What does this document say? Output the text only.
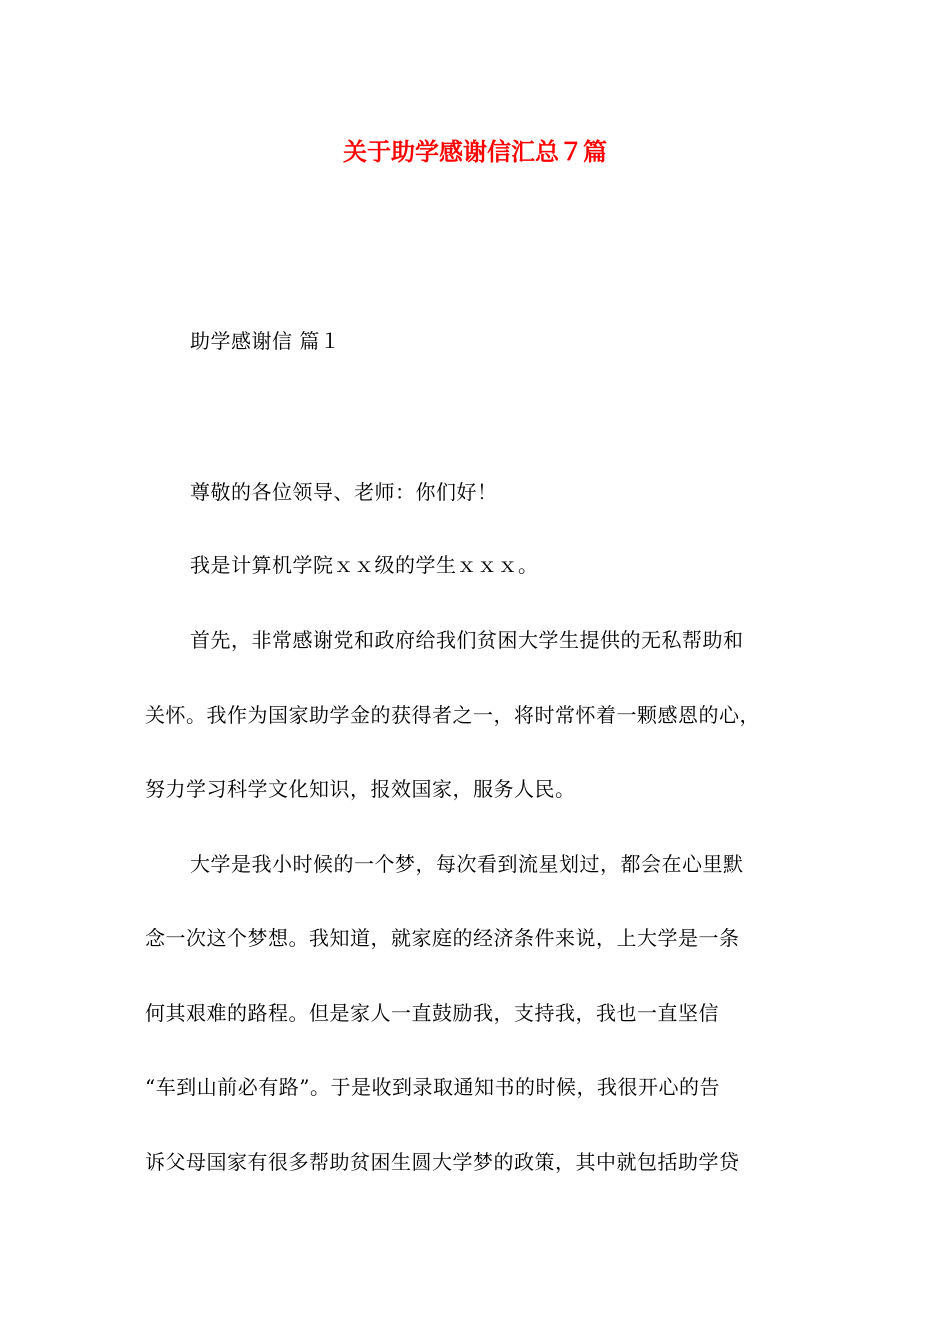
关于助学感谢信汇总７篇
助学感谢信 篇１
尊敬的各位领导、老师：你们好！
我是计算机学院ｘｘ级的学生ｘｘｘ。
首先，非常感谢党和政府给我们贫困大学生提供的无私帮助和
关怀。我作为国家助学金的获得者之一，将时常怀着一颗感恩的心，
努力学习科学文化知识，报效国家，服务人民。
大学是我小时候的一个梦，每次看到流星划过，都会在心里默
念一次这个梦想。我知道，就家庭的经济条件来说，上大学是一条
何其艰难的路程。但是家人一直鼓励我，支持我，我也一直坚信
“车到山前必有路”。于是收到录取通知书的时候，我很开心的告
诉父母国家有很多帮助贫困生圆大学梦的政策，其中就包括助学贷
